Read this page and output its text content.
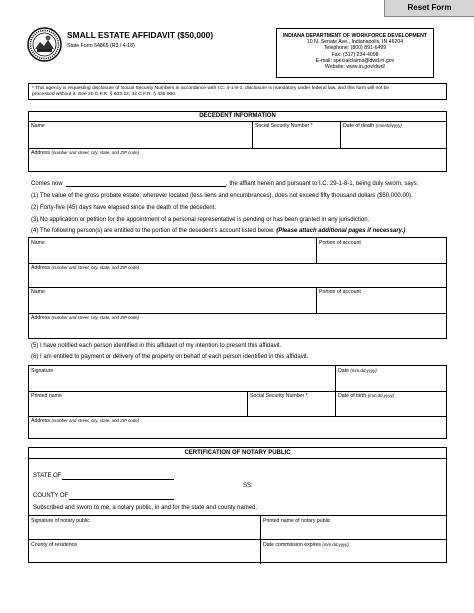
Reset Form
SMALL ESTATE AFFIDAVIT ($50,000)
State Form 54865 (R3 / 4-18)
INDIANA DEPARTMENT OF WORKFORCE DEVELOPMENT
10 N. Senate Ave., Indianapolis, IN 46204
Telephone: (800) 891-6499
Fax: (317) 234-4098
E-mail: specialclaims@dwd.in.gov
Website: www.in.gov/dwd/
* This agency is requesting disclosure of Social Security Numbers in accordance with I.C. 4-1-8-1; disclosure is mandatory under federal law, and this form will not be
processed without it. See 20 C.F.R. § 603.22; 42 C.F.R. § 435.960.
DECEDENT INFORMATION
Name	Social Security Number *	Date of death (mm/dd/yyyy)
Address (number and street, city, state, and ZIP code)
Comes now	, the affiant herein and pursuant to I.C. 29-1-8-1, being duly sworn, says:
(1) The value of the gross probate estate, wherever located (less liens and encumbrances), does not exceed fifty thousand dollars ($50,000.00).
(2) Forty-five (45) days have elapsed since the death of the decedent.
(3) No application or petition for the appointment of a personal representative is pending or has been granted in any jurisdiction.
(4) The following person(s) are entitled to the portion of the decedent’s account listed below. (Please attach additional pages if necessary.)
Name	Portion of account
Address (number and street, city, state, and ZIP code)
Name	Portion of account
Address (number and street, city, state, and ZIP code)
(5) I have notified each person identified in this affidavit of my intention to present this affidavit.
(6) I am entitled to payment or delivery of the property on behalf of each person identified in this affidavit.
Signature	Date (mm,dd,yyyy)
Printed name	Social Security Number *	Date of birth (mm,dd,yyyy)
Address (number and street, city, state, and ZIP code)
CERTIFICATION OF NOTARY PUBLIC
STATE OF
SS:
COUNTY OF
Subscribed and sworn to me, a notary public, in and for the state and county named.
Signature of notary public	Printed name of notary public
County of residence	Date commission expires (mm,dd,yyyy)
